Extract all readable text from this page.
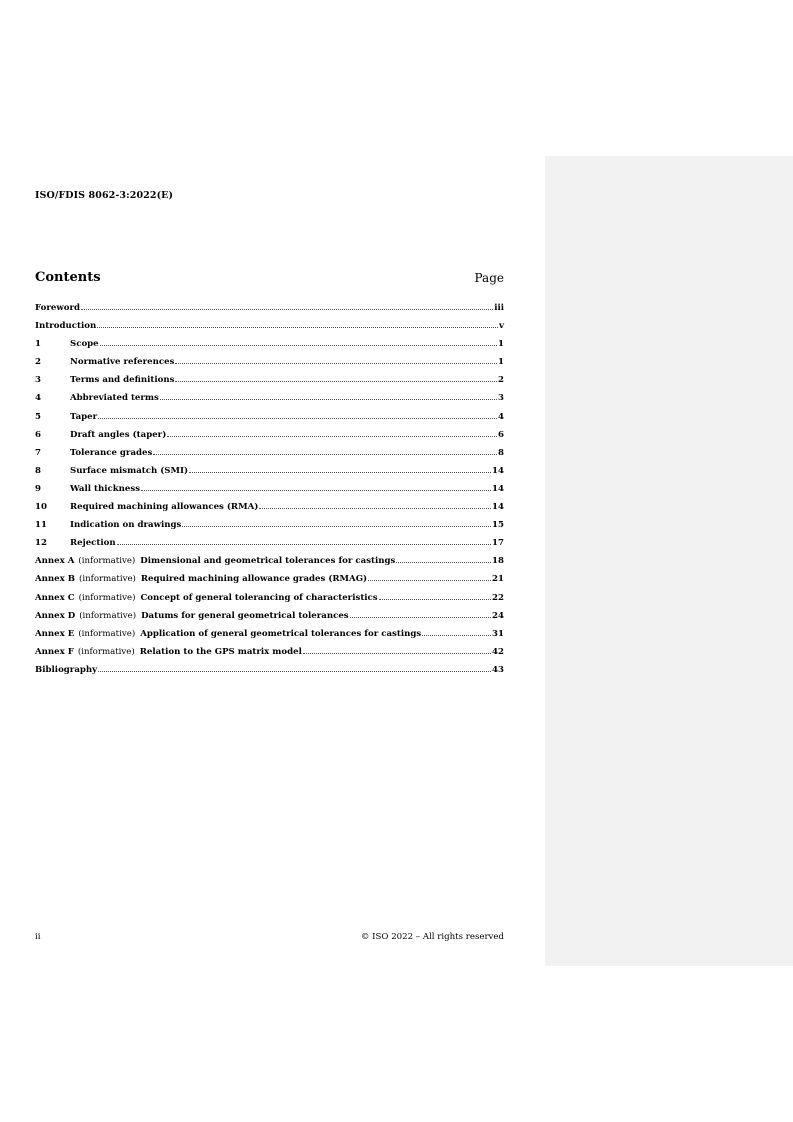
ISO/FDIS 8062-3:2022(E)
Contents	Page
Foreword	iii
Introduction	v
1	Scope	1
2	Normative references	1
3	Terms and definitions	2
4	Abbreviated terms	3
5	Taper	4
6	Draft angles (taper)	6
7	Tolerance grades	8
8	Surface mismatch (SMI)	14
9	Wall thickness	14
10	Required machining allowances (RMA)	14
11	Indication on drawings	15
12	Rejection	17
Annex A (informative) Dimensional and geometrical tolerances for castings	18
Annex B (informative) Required machining allowance grades (RMAG)	21
Annex C (informative) Concept of general tolerancing of characteristics	22
Annex D (informative) Datums for general geometrical tolerances	24
Annex E (informative) Application of general geometrical tolerances for castings	31
Annex F (informative) Relation to the GPS matrix model	42
Bibliography	43
ii	© ISO 2022 – All rights reserved
